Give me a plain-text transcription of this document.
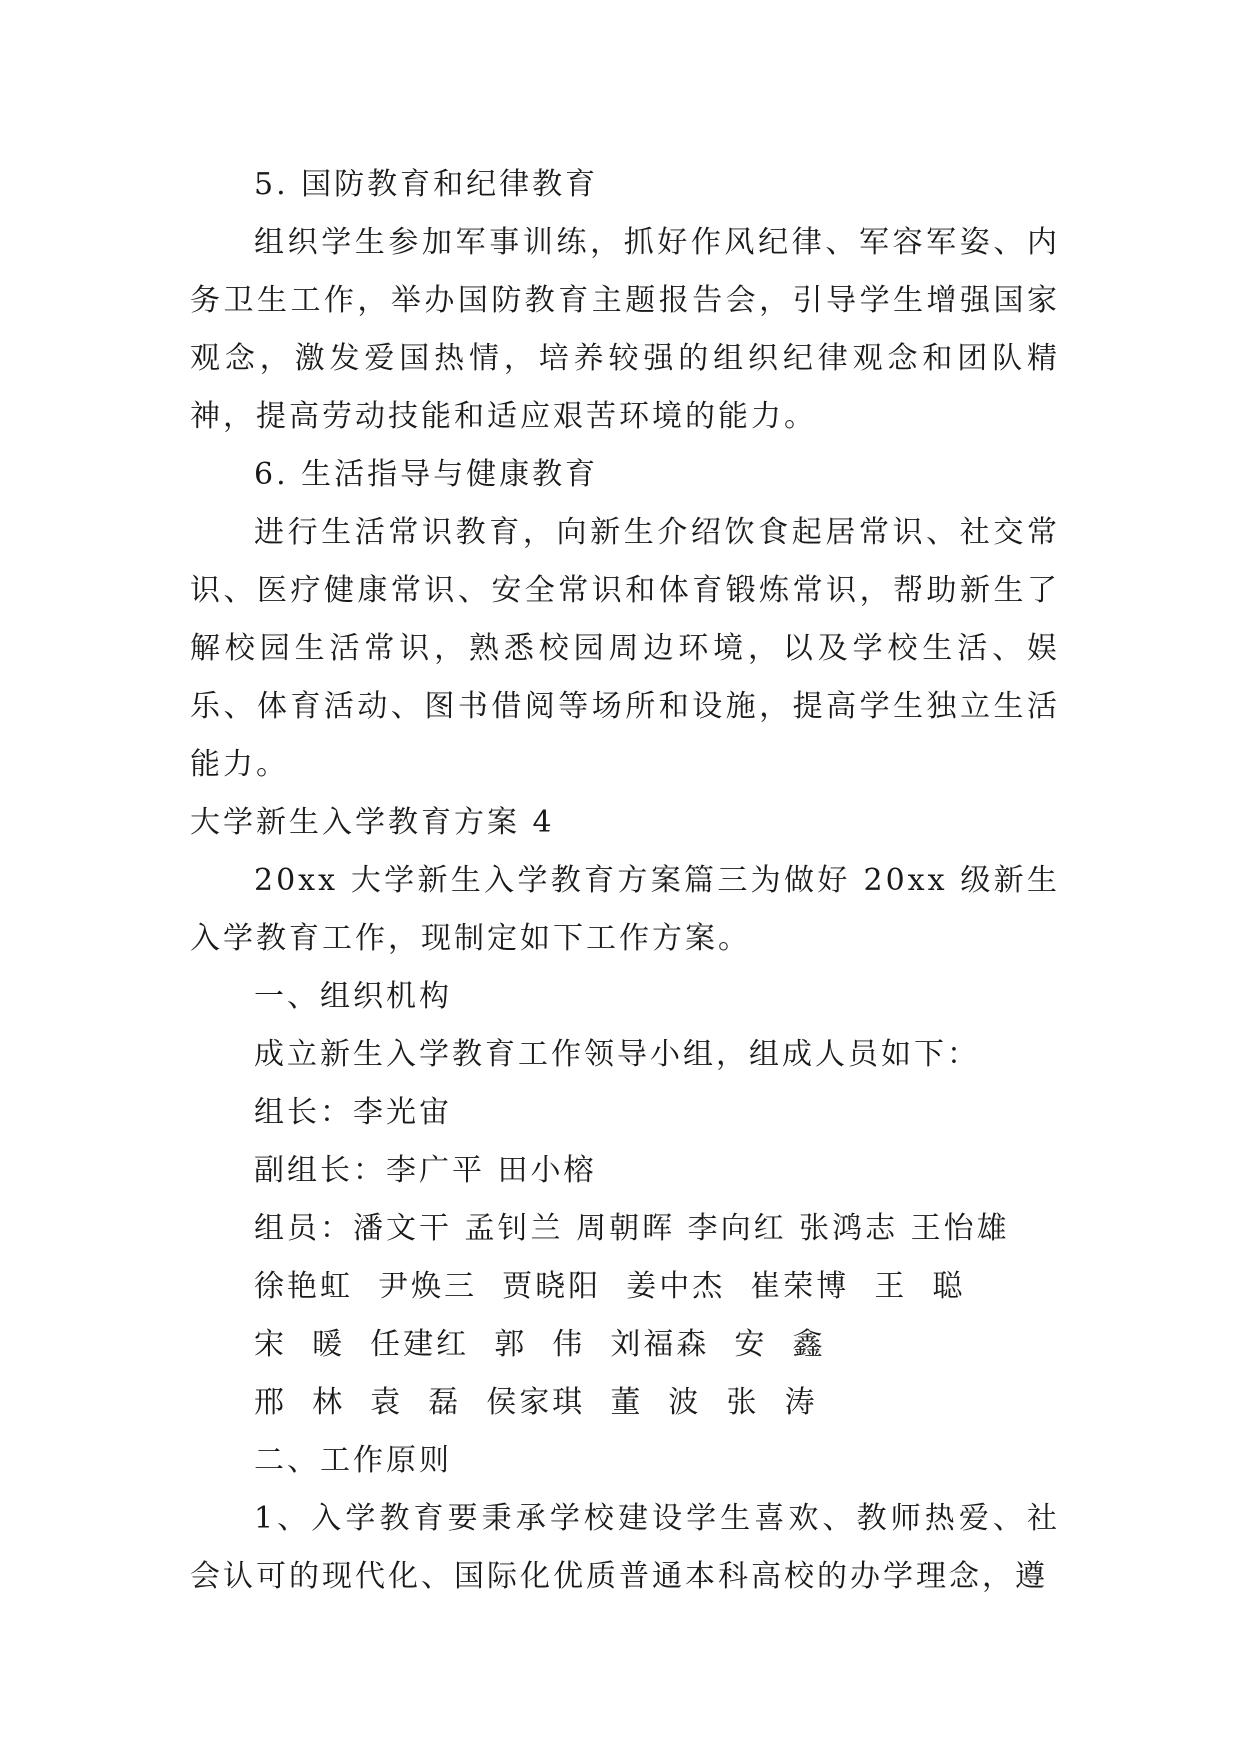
5. 国防教育和纪律教育

组织学生参加军事训练，抓好作风纪律、军容军姿、内务卫生工作，举办国防教育主题报告会，引导学生增强国家观念，激发爱国热情，培养较强的组织纪律观念和团队精神，提高劳动技能和适应艰苦环境的能力。

6. 生活指导与健康教育

进行生活常识教育，向新生介绍饮食起居常识、社交常识、医疗健康常识、安全常识和体育锻炼常识，帮助新生了解校园生活常识，熟悉校园周边环境，以及学校生活、娱乐、体育活动、图书借阅等场所和设施，提高学生独立生活能力。

大学新生入学教育方案 4

20xx 大学新生入学教育方案篇三为做好 20xx 级新生入学教育工作，现制定如下工作方案。

一、组织机构

成立新生入学教育工作领导小组，组成人员如下：

组长：李光宙

副组长：李广平 田小榕

组员：潘文干 孟钊兰 周朝晖 李向红 张鸿志 王怡雄

徐艳虹  尹焕三  贾晓阳  姜中杰  崔荣博  王  聪

宋  暖  任建红  郭  伟  刘福森  安  鑫

邢  林  袁  磊  侯家琪  董  波  张  涛

二、工作原则

1、入学教育要秉承学校建设学生喜欢、教师热爱、社会认可的现代化、国际化优质普通本科高校的办学理念，遵
